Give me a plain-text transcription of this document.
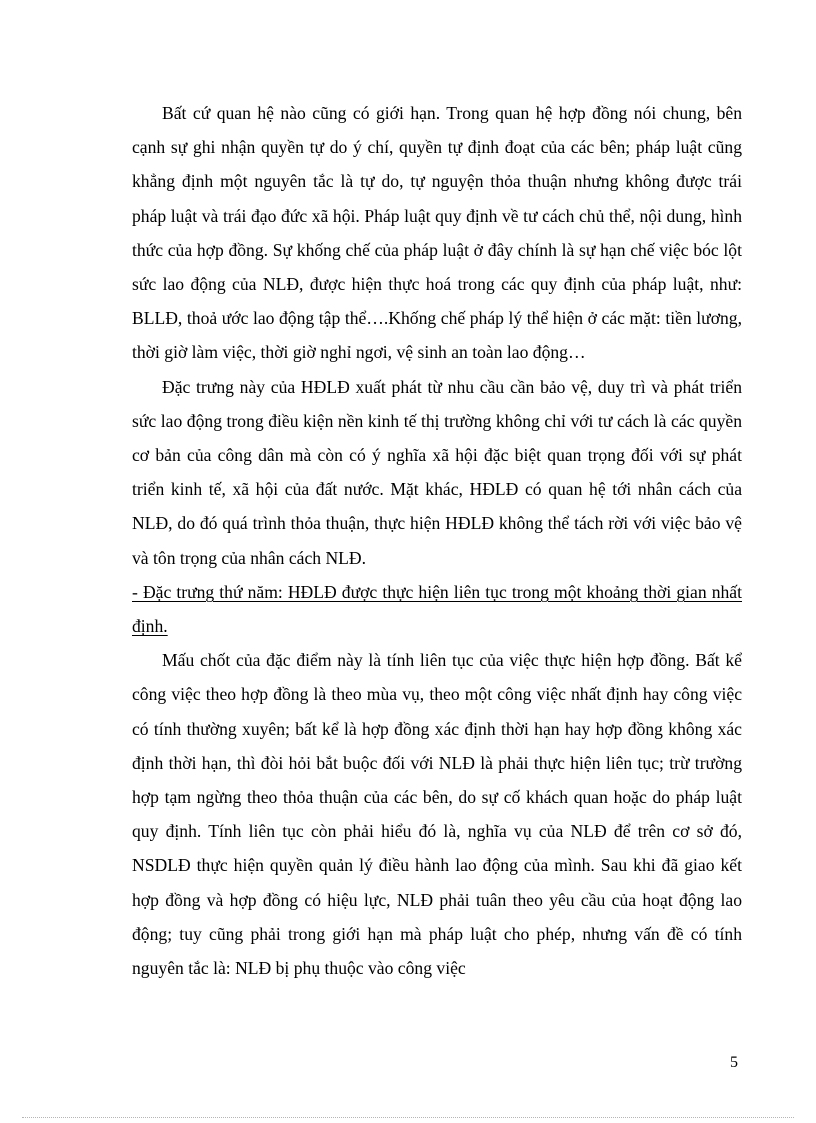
Bất cứ quan hệ nào cũng có giới hạn. Trong quan hệ hợp đồng nói chung, bên cạnh sự ghi nhận quyền tự do ý chí, quyền tự định đoạt của các bên; pháp luật cũng khẳng định một nguyên tắc là tự do, tự nguyện thỏa thuận nhưng không được trái pháp luật và trái đạo đức xã hội. Pháp luật quy định về tư cách chủ thể, nội dung, hình thức của hợp đồng. Sự khống chế của pháp luật ở đây chính là sự hạn chế việc bóc lột sức lao động của NLĐ, được hiện thực hoá trong các quy định của pháp luật, như: BLLĐ, thoả ước lao động tập thể….Khống chế pháp lý thể hiện ở các mặt: tiền lương, thời giờ làm việc, thời giờ nghỉ ngơi, vệ sinh an toàn lao động…

Đặc trưng này của HĐLĐ xuất phát từ nhu cầu cần bảo vệ, duy trì và phát triển sức lao động trong điều kiện nền kinh tế thị trường không chỉ với tư cách là các quyền cơ bản của công dân mà còn có ý nghĩa xã hội đặc biệt quan trọng đối với sự phát triển kinh tế, xã hội của đất nước. Mặt khác, HĐLĐ có quan hệ tới nhân cách của NLĐ, do đó quá trình thỏa thuận, thực hiện HĐLĐ không thể tách rời với việc bảo vệ và tôn trọng của nhân cách NLĐ.

- Đặc trưng thứ năm: HĐLĐ được thực hiện liên tục trong một khoảng thời gian nhất định.

Mấu chốt của đặc điểm này là tính liên tục của việc thực hiện hợp đồng. Bất kể công việc theo hợp đồng là theo mùa vụ, theo một công việc nhất định hay công việc có tính thường xuyên; bất kể là hợp đồng xác định thời hạn hay hợp đồng không xác định thời hạn, thì đòi hỏi bắt buộc đối với NLĐ là phải thực hiện liên tục; trừ trường hợp tạm ngừng theo thỏa thuận của các bên, do sự cố khách quan hoặc do pháp luật quy định. Tính liên tục còn phải hiểu đó là, nghĩa vụ của NLĐ để trên cơ sở đó, NSDLĐ thực hiện quyền quản lý điều hành lao động của mình. Sau khi đã giao kết hợp đồng và hợp đồng có hiệu lực, NLĐ phải tuân theo yêu cầu của hoạt động lao động; tuy cũng phải trong giới hạn mà pháp luật cho phép, nhưng vấn đề có tính nguyên tắc là: NLĐ bị phụ thuộc vào công việc

5
